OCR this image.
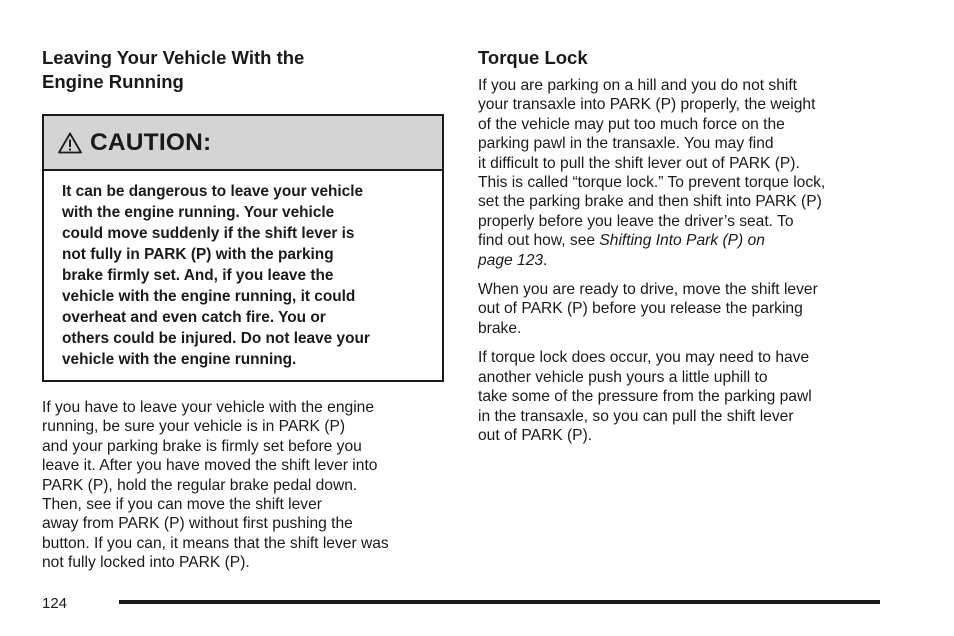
Leaving Your Vehicle With the
Engine Running

CAUTION:
It can be dangerous to leave your vehicle
with the engine running. Your vehicle
could move suddenly if the shift lever is
not fully in PARK (P) with the parking
brake firmly set. And, if you leave the
vehicle with the engine running, it could
overheat and even catch fire. You or
others could be injured. Do not leave your
vehicle with the engine running.

If you have to leave your vehicle with the engine
running, be sure your vehicle is in PARK (P)
and your parking brake is firmly set before you
leave it. After you have moved the shift lever into
PARK (P), hold the regular brake pedal down.
Then, see if you can move the shift lever
away from PARK (P) without first pushing the
button. If you can, it means that the shift lever was
not fully locked into PARK (P).

Torque Lock

If you are parking on a hill and you do not shift
your transaxle into PARK (P) properly, the weight
of the vehicle may put too much force on the
parking pawl in the transaxle. You may find
it difficult to pull the shift lever out of PARK (P).
This is called “torque lock.” To prevent torque lock,
set the parking brake and then shift into PARK (P)
properly before you leave the driver’s seat. To
find out how, see Shifting Into Park (P) on
page 123.

When you are ready to drive, move the shift lever
out of PARK (P) before you release the parking
brake.

If torque lock does occur, you may need to have
another vehicle push yours a little uphill to
take some of the pressure from the parking pawl
in the transaxle, so you can pull the shift lever
out of PARK (P).

124
